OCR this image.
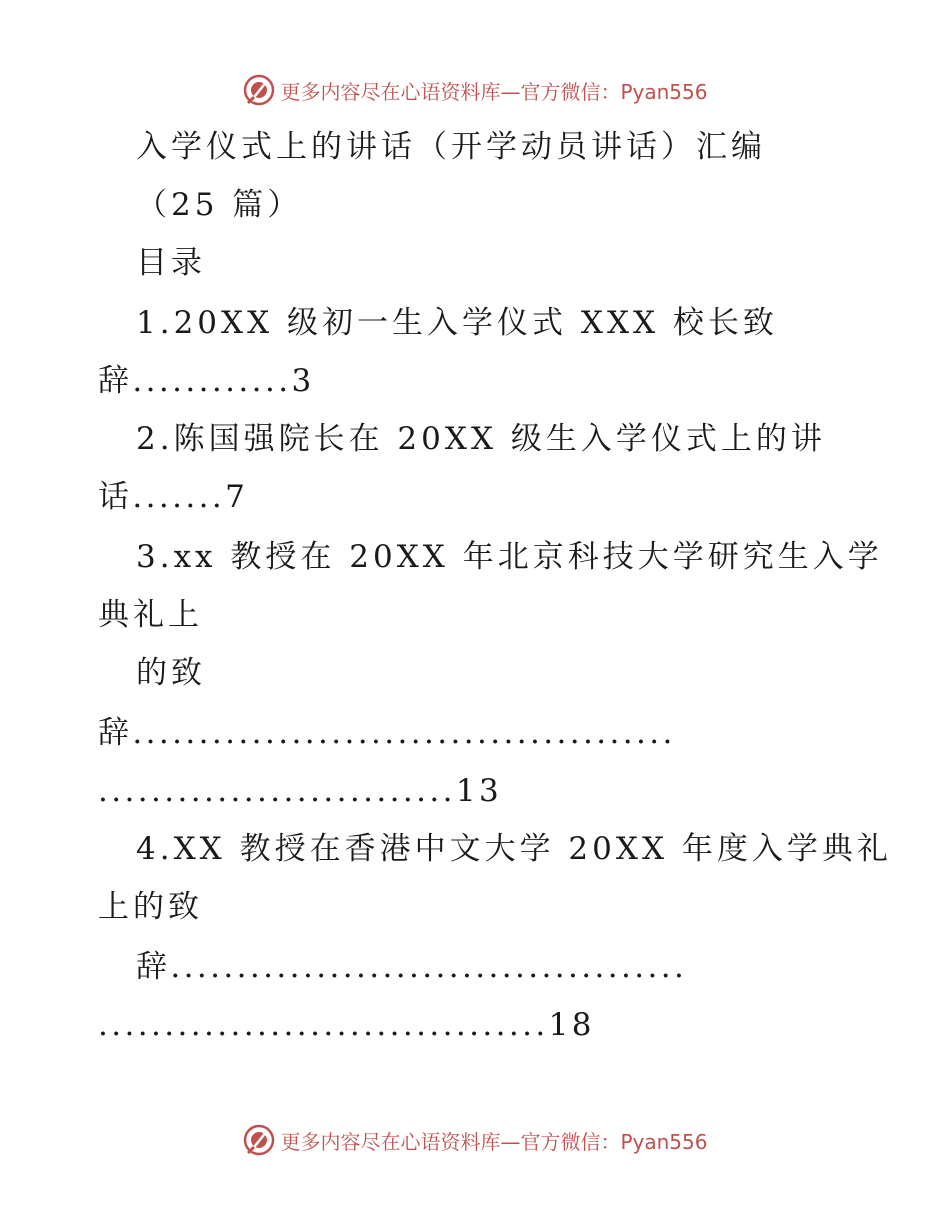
更多内容尽在心语资料库—官方微信：Pyan556
入学仪式上的讲话（开学动员讲话）汇编
（25 篇）
目录
1.20XX 级初一生入学仪式 XXX 校长致
辞............3
2.陈国强院长在 20XX 级生入学仪式上的讲
话.......7
3.xx 教授在 20XX 年北京科技大学研究生入学
典礼上
的致
辞.........................................
...........................13
4.XX 教授在香港中文大学 20XX 年度入学典礼
上的致
辞.......................................
..................................18
更多内容尽在心语资料库—官方微信：Pyan556
